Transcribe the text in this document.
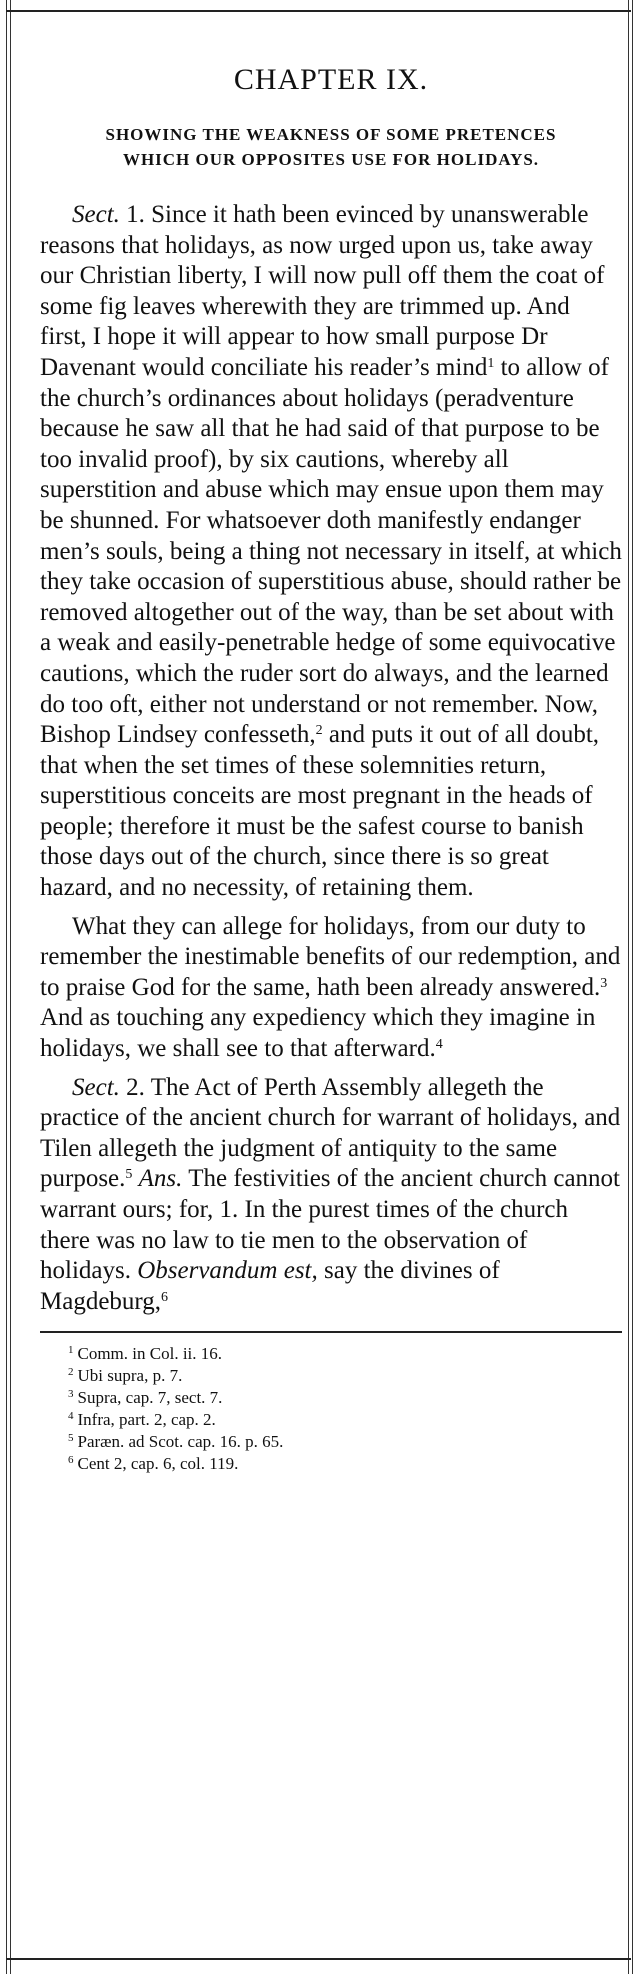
CHAPTER IX.
SHOWING THE WEAKNESS OF SOME PRETENCES
WHICH OUR OPPOSITES USE FOR HOLIDAYS.

Sect. 1. Since it hath been evinced by unanswerable reasons that holidays, as now urged upon us, take away our Christian liberty, I will now pull off them the coat of some fig leaves wherewith they are trimmed up. And first, I hope it will appear to how small purpose Dr Davenant would conciliate his reader’s mind$^1$ to allow of the church’s ordinances about holidays (peradventure because he saw all that he had said of that purpose to be too invalid proof), by six cautions, whereby all superstition and abuse which may ensue upon them may be shunned. For whatsoever doth manifestly endanger men’s souls, being a thing not necessary in itself, at which they take occasion of superstitious abuse, should rather be removed altogether out of the way, than be set about with a weak and easily-penetrable hedge of some equivocative cautions, which the ruder sort do always, and the learned do too oft, either not understand or not remember. Now, Bishop Lindsey confesseth,$^2$ and puts it out of all doubt, that when the set times of these solemnities return, superstitious conceits are most pregnant in the heads of people; therefore it must be the safest course to banish those days out of the church, since there is so great hazard, and no necessity, of retaining them.

What they can allege for holidays, from our duty to remember the inestimable benefits of our redemption, and to praise God for the same, hath been already answered.$^3$ And as touching any expediency which they imagine in holidays, we shall see to that afterward.$^4$

Sect. 2. The Act of Perth Assembly allegeth the practice of the ancient church for warrant of holidays, and Tilen allegeth the judgment of antiquity to the same purpose.$^5$ Ans. The festivities of the ancient church cannot warrant ours; for, 1. In the purest times of the church there was no law to tie men to the observation of holidays. Observandum est, say the divines of Magdeburg,$^6$

$^1$ Comm. in Col. ii. 16.
$^2$ Ubi supra, p. 7.
$^3$ Supra, cap. 7, sect. 7.
$^4$ Infra, part. 2, cap. 2.
$^5$ Paræn. ad Scot. cap. 16. p. 65.
$^6$ Cent 2, cap. 6, col. 119.
